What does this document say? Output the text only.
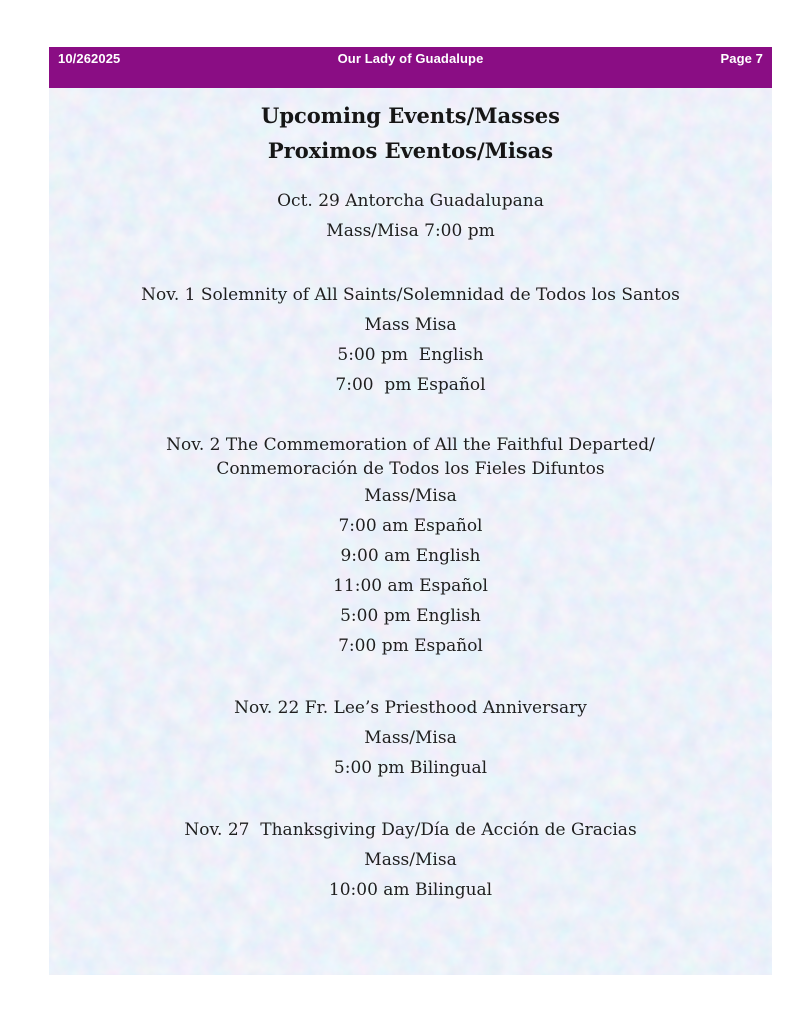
10/262025	Our Lady of Guadalupe	Page 7
Upcoming Events/Masses
Proximos Eventos/Misas
Oct. 29 Antorcha Guadalupana
Mass/Misa 7:00 pm
Nov. 1 Solemnity of All Saints/Solemnidad de Todos los Santos
Mass Misa
5:00 pm  English
7:00  pm Español
Nov. 2 The Commemoration of All the Faithful Departed/
Conmemoración de Todos los Fieles Difuntos
Mass/Misa
7:00 am Español
9:00 am English
11:00 am Español
5:00 pm English
7:00 pm Español
Nov. 22 Fr. Lee’s Priesthood Anniversary
Mass/Misa
5:00 pm Bilingual
Nov. 27  Thanksgiving Day/Día de Acción de Gracias
Mass/Misa
10:00 am Bilingual
